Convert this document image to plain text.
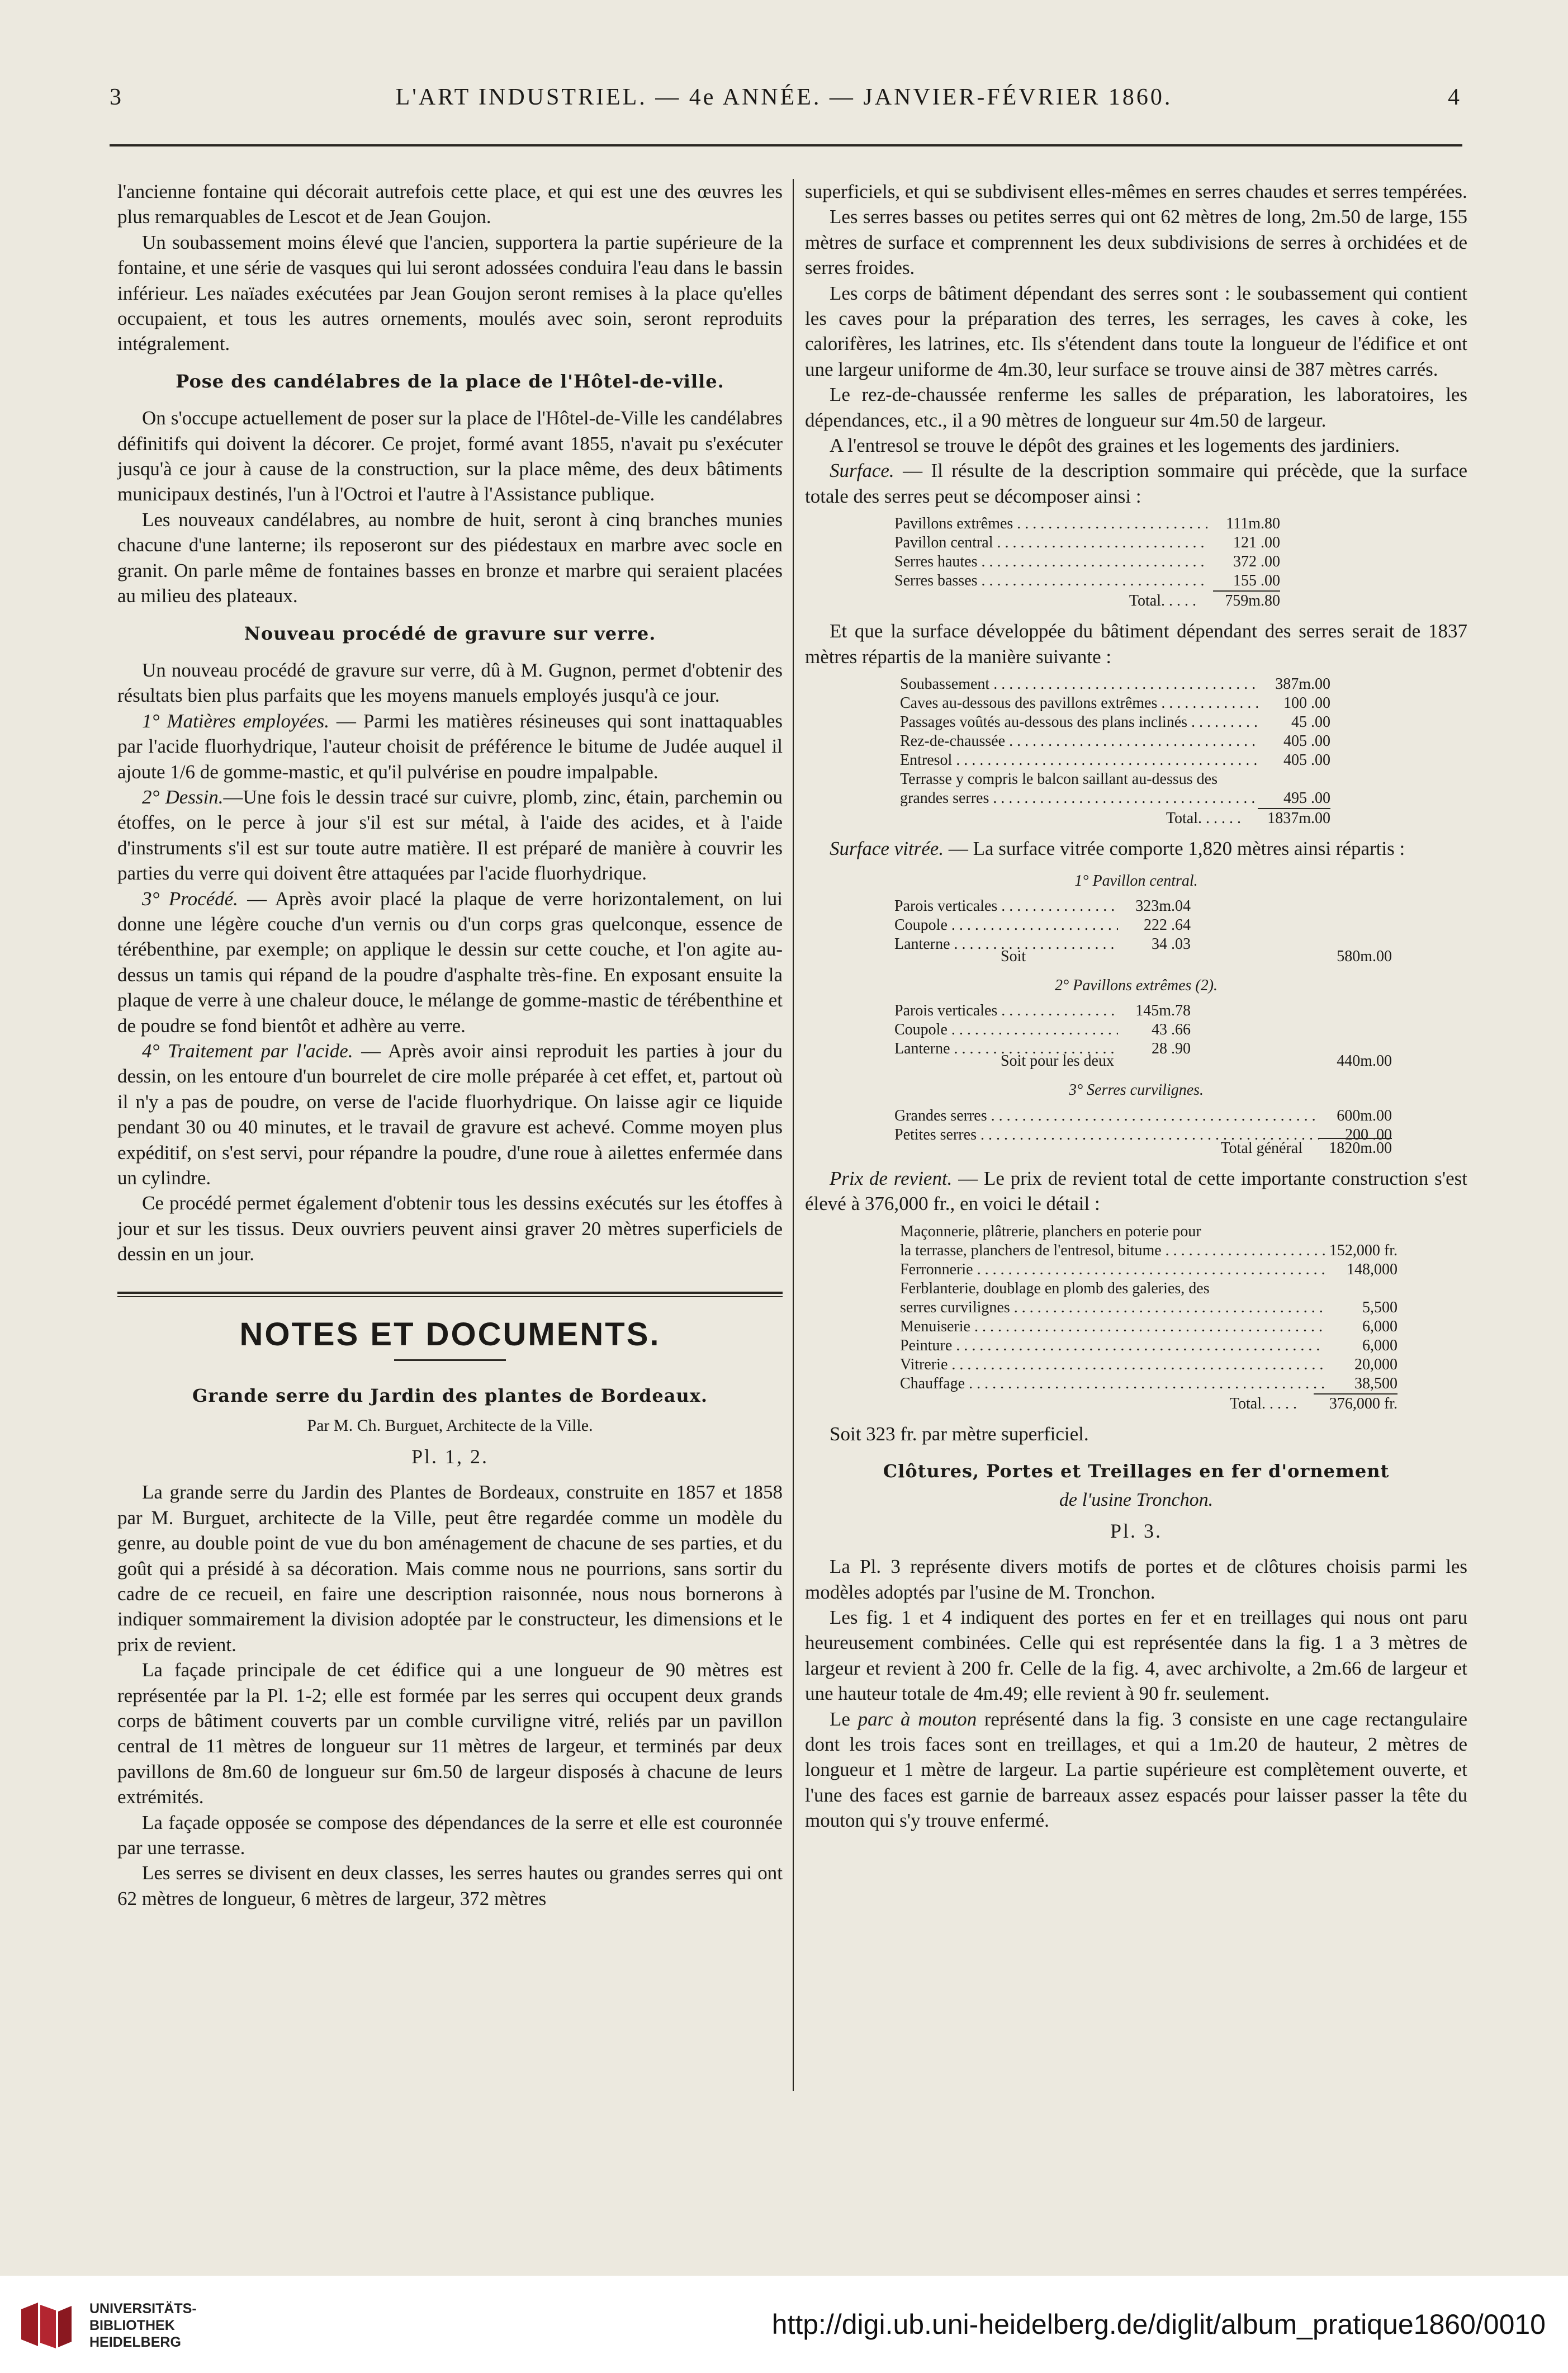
3	L'ART INDUSTRIEL. — 4e ANNÉE. — JANVIER-FÉVRIER 1860.	4

l'ancienne fontaine qui décorait autrefois cette place, et qui est une des œuvres les plus remarquables de Lescot et de Jean Goujon.

Un soubassement moins élevé que l'ancien, supportera la partie supérieure de la fontaine, et une série de vasques qui lui seront adossées conduira l'eau dans le bassin inférieur. Les naïades exécutées par Jean Goujon seront remises à la place qu'elles occupaient, et tous les autres ornements, moulés avec soin, seront reproduits intégralement.

Pose des candélabres de la place de l'Hôtel-de-ville.

On s'occupe actuellement de poser sur la place de l'Hôtel-de-Ville les candélabres définitifs qui doivent la décorer. Ce projet, formé avant 1855, n'avait pu s'exécuter jusqu'à ce jour à cause de la construction, sur la place même, des deux bâtiments municipaux destinés, l'un à l'Octroi et l'autre à l'Assistance publique.

Les nouveaux candélabres, au nombre de huit, seront à cinq branches munies chacune d'une lanterne; ils reposeront sur des piédestaux en marbre avec socle en granit. On parle même de fontaines basses en bronze et marbre qui seraient placées au milieu des plateaux.

Nouveau procédé de gravure sur verre.

Un nouveau procédé de gravure sur verre, dû à M. Gugnon, permet d'obtenir des résultats bien plus parfaits que les moyens manuels employés jusqu'à ce jour.

1° Matières employées. — Parmi les matières résineuses qui sont inattaquables par l'acide fluorhydrique, l'auteur choisit de préférence le bitume de Judée auquel il ajoute 1/6 de gomme-mastic, et qu'il pulvérise en poudre impalpable.

2° Dessin.—Une fois le dessin tracé sur cuivre, plomb, zinc, étain, parchemin ou étoffes, on le perce à jour s'il est sur métal, à l'aide des acides, et à l'aide d'instruments s'il est sur toute autre matière. Il est préparé de manière à couvrir les parties du verre qui doivent être attaquées par l'acide fluorhydrique.

3° Procédé. — Après avoir placé la plaque de verre horizontalement, on lui donne une légère couche d'un vernis ou d'un corps gras quelconque, essence de térébenthine, par exemple; on applique le dessin sur cette couche, et l'on agite au-dessus un tamis qui répand de la poudre d'asphalte très-fine. En exposant ensuite la plaque de verre à une chaleur douce, le mélange de gomme-mastic de térébenthine et de poudre se fond bientôt et adhère au verre.

4° Traitement par l'acide. — Après avoir ainsi reproduit les parties à jour du dessin, on les entoure d'un bourrelet de cire molle préparée à cet effet, et, partout où il n'y a pas de poudre, on verse de l'acide fluorhydrique. On laisse agir ce liquide pendant 30 ou 40 minutes, et le travail de gravure est achevé. Comme moyen plus expéditif, on s'est servi, pour répandre la poudre, d'une roue à ailettes enfermée dans un cylindre.

Ce procédé permet également d'obtenir tous les dessins exécutés sur les étoffes à jour et sur les tissus. Deux ouvriers peuvent ainsi graver 20 mètres superficiels de dessin en un jour.

NOTES ET DOCUMENTS.
Grande serre du Jardin des plantes de Bordeaux.
Par M. Ch. Burguet, Architecte de la Ville.
Pl. 1, 2.

La grande serre du Jardin des Plantes de Bordeaux, construite en 1857 et 1858 par M. Burguet, architecte de la Ville, peut être regardée comme un modèle du genre, au double point de vue du bon aménagement de chacune de ses parties, et du goût qui a présidé à sa décoration. Mais comme nous ne pourrions, sans sortir du cadre de ce recueil, en faire une description raisonnée, nous nous bornerons à indiquer sommairement la division adoptée par le constructeur, les dimensions et le prix de revient.

La façade principale de cet édifice qui a une longueur de 90 mètres est représentée par la Pl. 1-2; elle est formée par les serres qui occupent deux grands corps de bâtiment couverts par un comble curviligne vitré, reliés par un pavillon central de 11 mètres de longueur sur 11 mètres de largeur, et terminés par deux pavillons de 8m.60 de longueur sur 6m.50 de largeur disposés à chacune de leurs extrémités.

La façade opposée se compose des dépendances de la serre et elle est couronnée par une terrasse.

Les serres se divisent en deux classes, les serres hautes ou grandes serres qui ont 62 mètres de longueur, 6 mètres de largeur, 372 mètres

superficiels, et qui se subdivisent elles-mêmes en serres chaudes et serres tempérées.

Les serres basses ou petites serres qui ont 62 mètres de long, 2m.50 de large, 155 mètres de surface et comprennent les deux subdivisions de serres à orchidées et de serres froides.

Les corps de bâtiment dépendant des serres sont : le soubassement qui contient les caves pour la préparation des terres, les serrages, les caves à coke, les calorifères, les latrines, etc. Ils s'étendent dans toute la longueur de l'édifice et ont une largeur uniforme de 4m.30, leur surface se trouve ainsi de 387 mètres carrés.

Le rez-de-chaussée renferme les salles de préparation, les laboratoires, les dépendances, etc., il a 90 mètres de longueur sur 4m.50 de largeur.

A l'entresol se trouve le dépôt des graines et les logements des jardiniers.

Surface. — Il résulte de la description sommaire qui précède, que la surface totale des serres peut se décomposer ainsi :

Pavillons extrêmes . . .	111m.80
Pavillon central . . .	121 .00
Serres hautes . . .	372 .00
Serres basses . . .	155 .00
Total. . . . .	759m.80

Et que la surface développée du bâtiment dépendant des serres serait de 1837 mètres répartis de la manière suivante :

Soubassement . . .	387m.00
Caves au-dessous des pavillons extrêmes . . .	100 .00
Passages voûtés au-dessous des plans inclinés . . .	45 .00
Rez-de-chaussée . . .	405 .00
Entresol . . .	405 .00
Terrasse y compris le balcon saillant au-dessus des
grandes serres . . .	495 .00
Total. . . . . .	1837m.00

Surface vitrée. — La surface vitrée comporte 1,820 mètres ainsi répartis :

1° Pavillon central.
Parois verticales . . .	323m.04
Coupole . . .	222 .64
Lanterne . . .	34 .03
Soit	580m.00
2° Pavillons extrêmes (2).
Parois verticales . . .	145m.78
Coupole . . .	43 .66
Lanterne . . .	28 .90
Soit pour les deux	440m.00
3° Serres curvilignes.
Grandes serres . . .	600m.00
Petites serres . . .	200 .00
Total général	1820m.00

Prix de revient. — Le prix de revient total de cette importante construction s'est élevé à 376,000 fr., en voici le détail :

Maçonnerie, plâtrerie, planchers en poterie pour
la terrasse, planchers de l'entresol, bitume . . .	152,000 fr.
Ferronnerie . . .	148,000
Ferblanterie, doublage en plomb des galeries, des
serres curvilignes . . .	5,500
Menuiserie . . .	6,000
Peinture . . .	6,000
Vitrerie . . .	20,000
Chauffage . . .	38,500
Total. . . . .	376,000 fr.

Soit 323 fr. par mètre superficiel.

Clôtures, Portes et Treillages en fer d'ornement
de l'usine Tronchon.
Pl. 3.

La Pl. 3 représente divers motifs de portes et de clôtures choisis parmi les modèles adoptés par l'usine de M. Tronchon.

Les fig. 1 et 4 indiquent des portes en fer et en treillages qui nous ont paru heureusement combinées. Celle qui est représentée dans la fig. 1 a 3 mètres de largeur et revient à 200 fr. Celle de la fig. 4, avec archivolte, a 2m.66 de largeur et une hauteur totale de 4m.49; elle revient à 90 fr. seulement.

Le parc à mouton représenté dans la fig. 3 consiste en une cage rectangulaire dont les trois faces sont en treillages, et qui a 1m.20 de hauteur, 2 mètres de longueur et 1 mètre de largeur. La partie supérieure est complètement ouverte, et l'une des faces est garnie de barreaux assez espacés pour laisser passer la tête du mouton qui s'y trouve enfermé.

UNIVERSITÄTS-
BIBLIOTHEK
HEIDELBERG
http://digi.ub.uni-heidelberg.de/diglit/album_pratique1860/0010
